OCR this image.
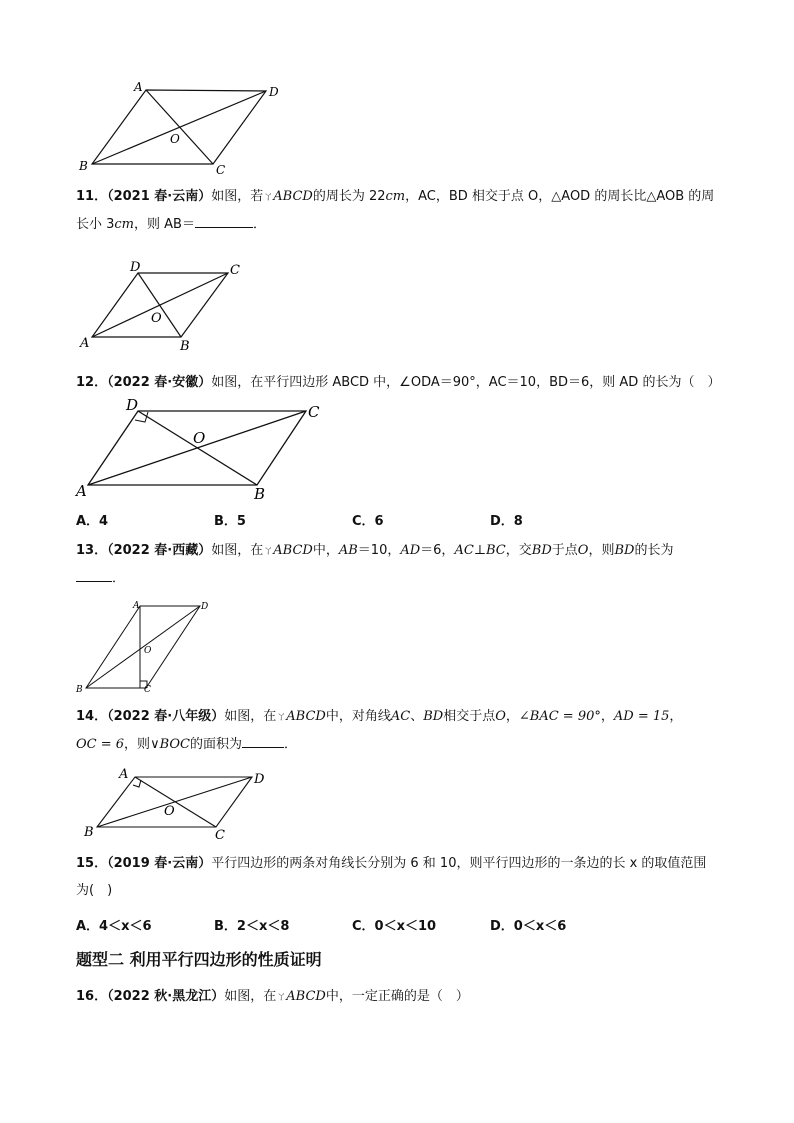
A	D
O
B	C
11．（2021 春·云南）如图，若ㄚABCD的周长为 22cm，AC，BD 相交于点 O，△AOD 的周长比△AOB 的周
长小 3cm，则 AB＝	．
D	C
O
A	B
12．（2022 春·安徽）如图，在平行四边形 ABCD 中，∠ODA＝90°，AC＝10，BD＝6，则 AD 的长为（　）
D	C
O
A	B
A．4	B．5	C．6	D．8
13．（2022 春·西藏）如图，在ㄚABCD中，AB＝10，AD＝6，AC⊥BC，交BD于点O，则BD的长为
．
A	D
O
B	C
14．（2022 春·八年级）如图，在ㄚABCD中，对角线AC、BD相交于点O，∠BAC = 90°，AD = 15，
OC = 6，则∨BOC的面积为	．
A	D
O
B	C
15．（2019 春·云南）平行四边形的两条对角线长分别为 6 和 10，则平行四边形的一条边的长 x 的取值范围
为(　)
A．4＜x＜6	B．2＜x＜8	C．0＜x＜10	D．0＜x＜6
题型二 利用平行四边形的性质证明
16．（2022 秋·黑龙江）如图，在ㄚABCD中，一定正确的是（　）
